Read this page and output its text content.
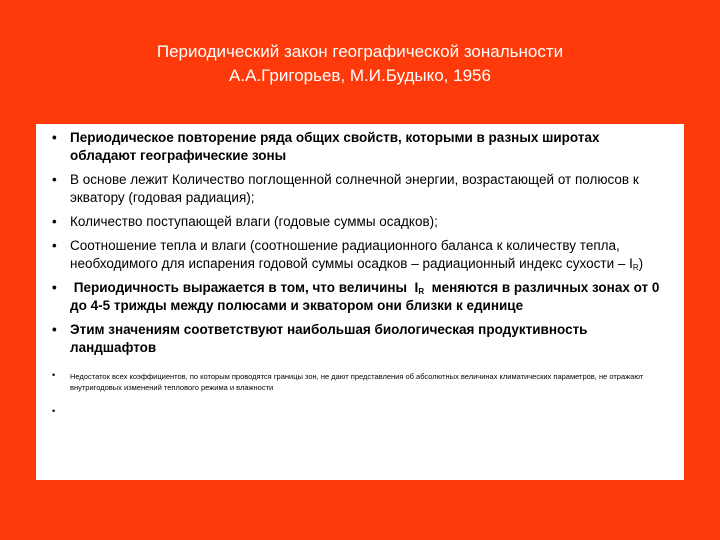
Периодический закон географической зональности
А.А.Григорьев, М.И.Будыко, 1956
• Периодическое повторение ряда общих свойств, которыми в разных широтах обладают географические зоны
• В основе лежит Количество поглощенной солнечной энергии, возрастающей от полюсов к экватору (годовая радиация);
• Количество поступающей влаги (годовые суммы осадков);
• Соотношение тепла и влаги (соотношение радиационного баланса к количеству тепла, необходимого для испарения годовой суммы осадков – радиационный индекс сухости – $I_R$)
• Периодичность выражается в том, что величины  $I_R$  меняются в различных зонах от 0 до 4-5 трижды между полюсами и экватором они близки к единице
• Этим значениям соответствуют наибольшая биологическая продуктивность ландшафтов
• Недостаток всех коэффициентов, по которым проводятся границы зон, не дают представления об абсолютных величинах климатических параметров, не отражают внутригодовых изменений теплового режима и влажности
•
